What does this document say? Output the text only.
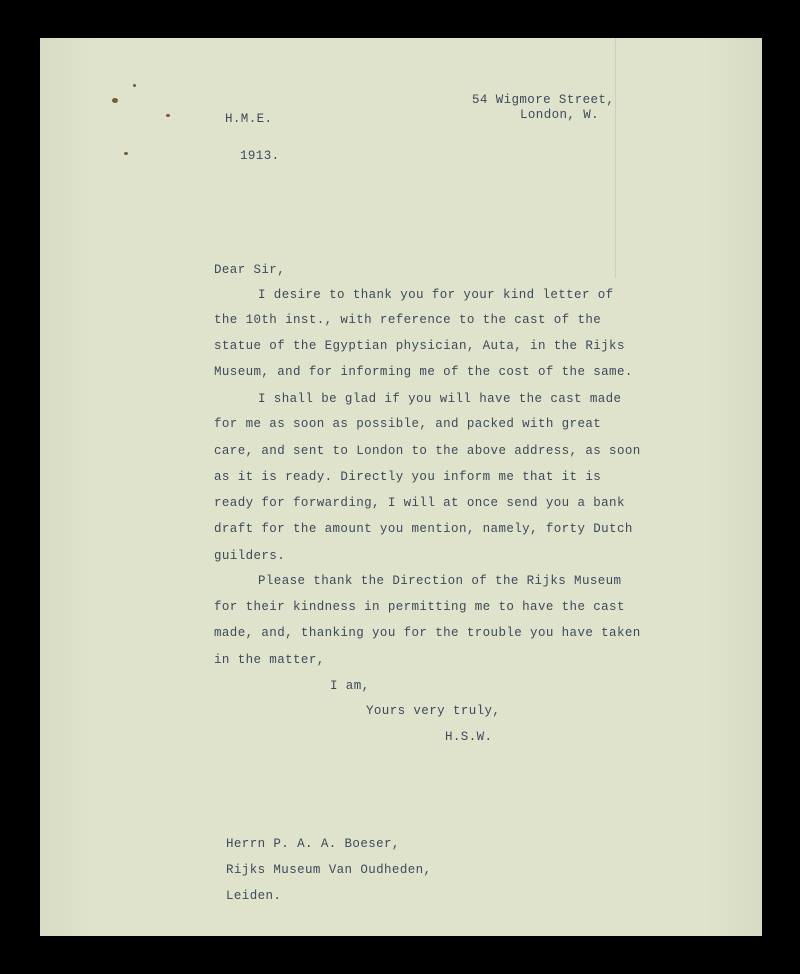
54 Wigmore Street,
London, W.
H.M.E.
1913.
Dear Sir,
I desire to thank you for your kind letter of
the 10th inst., with reference to the cast of the
statue of the Egyptian physician, Auta, in the Rijks
Museum, and for informing me of the cost of the same.
I shall be glad if you will have the cast made
for me as soon as possible, and packed with great
care, and sent to London to the above address, as soon
as it is ready. Directly you inform me that it is
ready for forwarding, I will at once send you a bank
draft for the amount you mention, namely, forty Dutch
guilders.
Please thank the Direction of the Rijks Museum
for their kindness in permitting me to have the cast
made, and, thanking you for the trouble you have taken
in the matter,
I am,
Yours very truly,
H.S.W.
Herrn P. A. A. Boeser,
Rijks Museum Van Oudheden,
Leiden.
